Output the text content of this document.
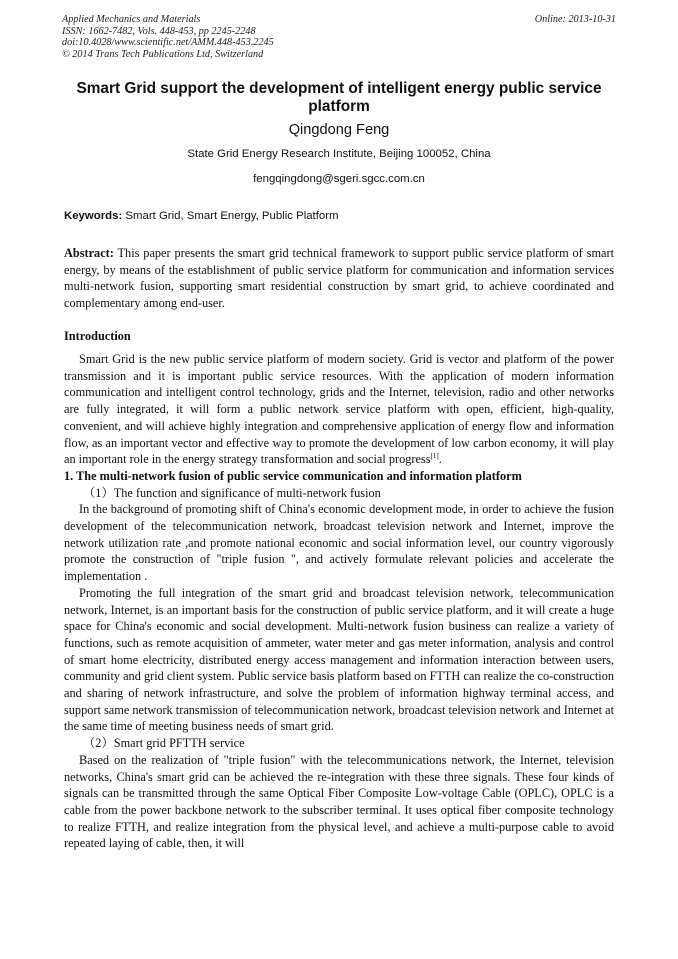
Applied Mechanics and Materials
ISSN: 1662-7482, Vols. 448-453, pp 2245-2248
doi:10.4028/www.scientific.net/AMM.448-453.2245
© 2014 Trans Tech Publications Ltd, Switzerland
Online: 2013-10-31
Smart Grid support the development of intelligent energy public service platform
Qingdong Feng
State Grid Energy Research Institute, Beijing 100052, China
fengqingdong@sgeri.sgcc.com.cn
Keywords: Smart Grid, Smart Energy, Public Platform

Abstract: This paper presents the smart grid technical framework to support public service platform of smart energy, by means of the establishment of public service platform for communication and information services multi-network fusion, supporting smart residential construction by smart grid, to achieve coordinated and complementary among end-user.

Introduction

Smart Grid is the new public service platform of modern society. Grid is vector and platform of the power transmission and it is important public service resources. With the application of modern information communication and intelligent control technology, grids and the Internet, television, radio and other networks are fully integrated, it will form a public network service platform with open, efficient, high-quality, convenient, and will achieve highly integration and comprehensive application of energy flow and information flow, as an important vector and effective way to promote the development of low carbon economy, it will play an important role in the energy strategy transformation and social progress[1].

1. The multi-network fusion of public service communication and information platform

（1）The function and significance of multi-network fusion

In the background of promoting shift of China's economic development mode, in order to achieve the fusion development of the telecommunication network, broadcast television network and Internet, improve the network utilization rate ,and promote national economic and social information level, our country vigorously promote the construction of "triple fusion ", and actively formulate relevant policies and accelerate the implementation .

Promoting the full integration of the smart grid and broadcast television network, telecommunication network, Internet, is an important basis for the construction of public service platform, and it will create a huge space for China's economic and social development. Multi-network fusion business can realize a variety of functions, such as remote acquisition of ammeter, water meter and gas meter information, analysis and control of smart home electricity, distributed energy access management and information interaction between users, community and grid client system. Public service basis platform based on FTTH can realize the co-construction and sharing of network infrastructure, and solve the problem of information highway terminal access, and support same network transmission of telecommunication network, broadcast television network and Internet at the same time of meeting business needs of smart grid.

（2）Smart grid PFTTH service

Based on the realization of "triple fusion" with the telecommunications network, the Internet, television networks, China's smart grid can be achieved the re-integration with these three signals. These four kinds of signals can be transmitted through the same Optical Fiber Composite Low-voltage Cable (OPLC), OPLC is a cable from the power backbone network to the subscriber terminal. It uses optical fiber composite technology to realize FTTH, and realize integration from the physical level, and achieve a multi-purpose cable to avoid repeated laying of cable, then, it will
